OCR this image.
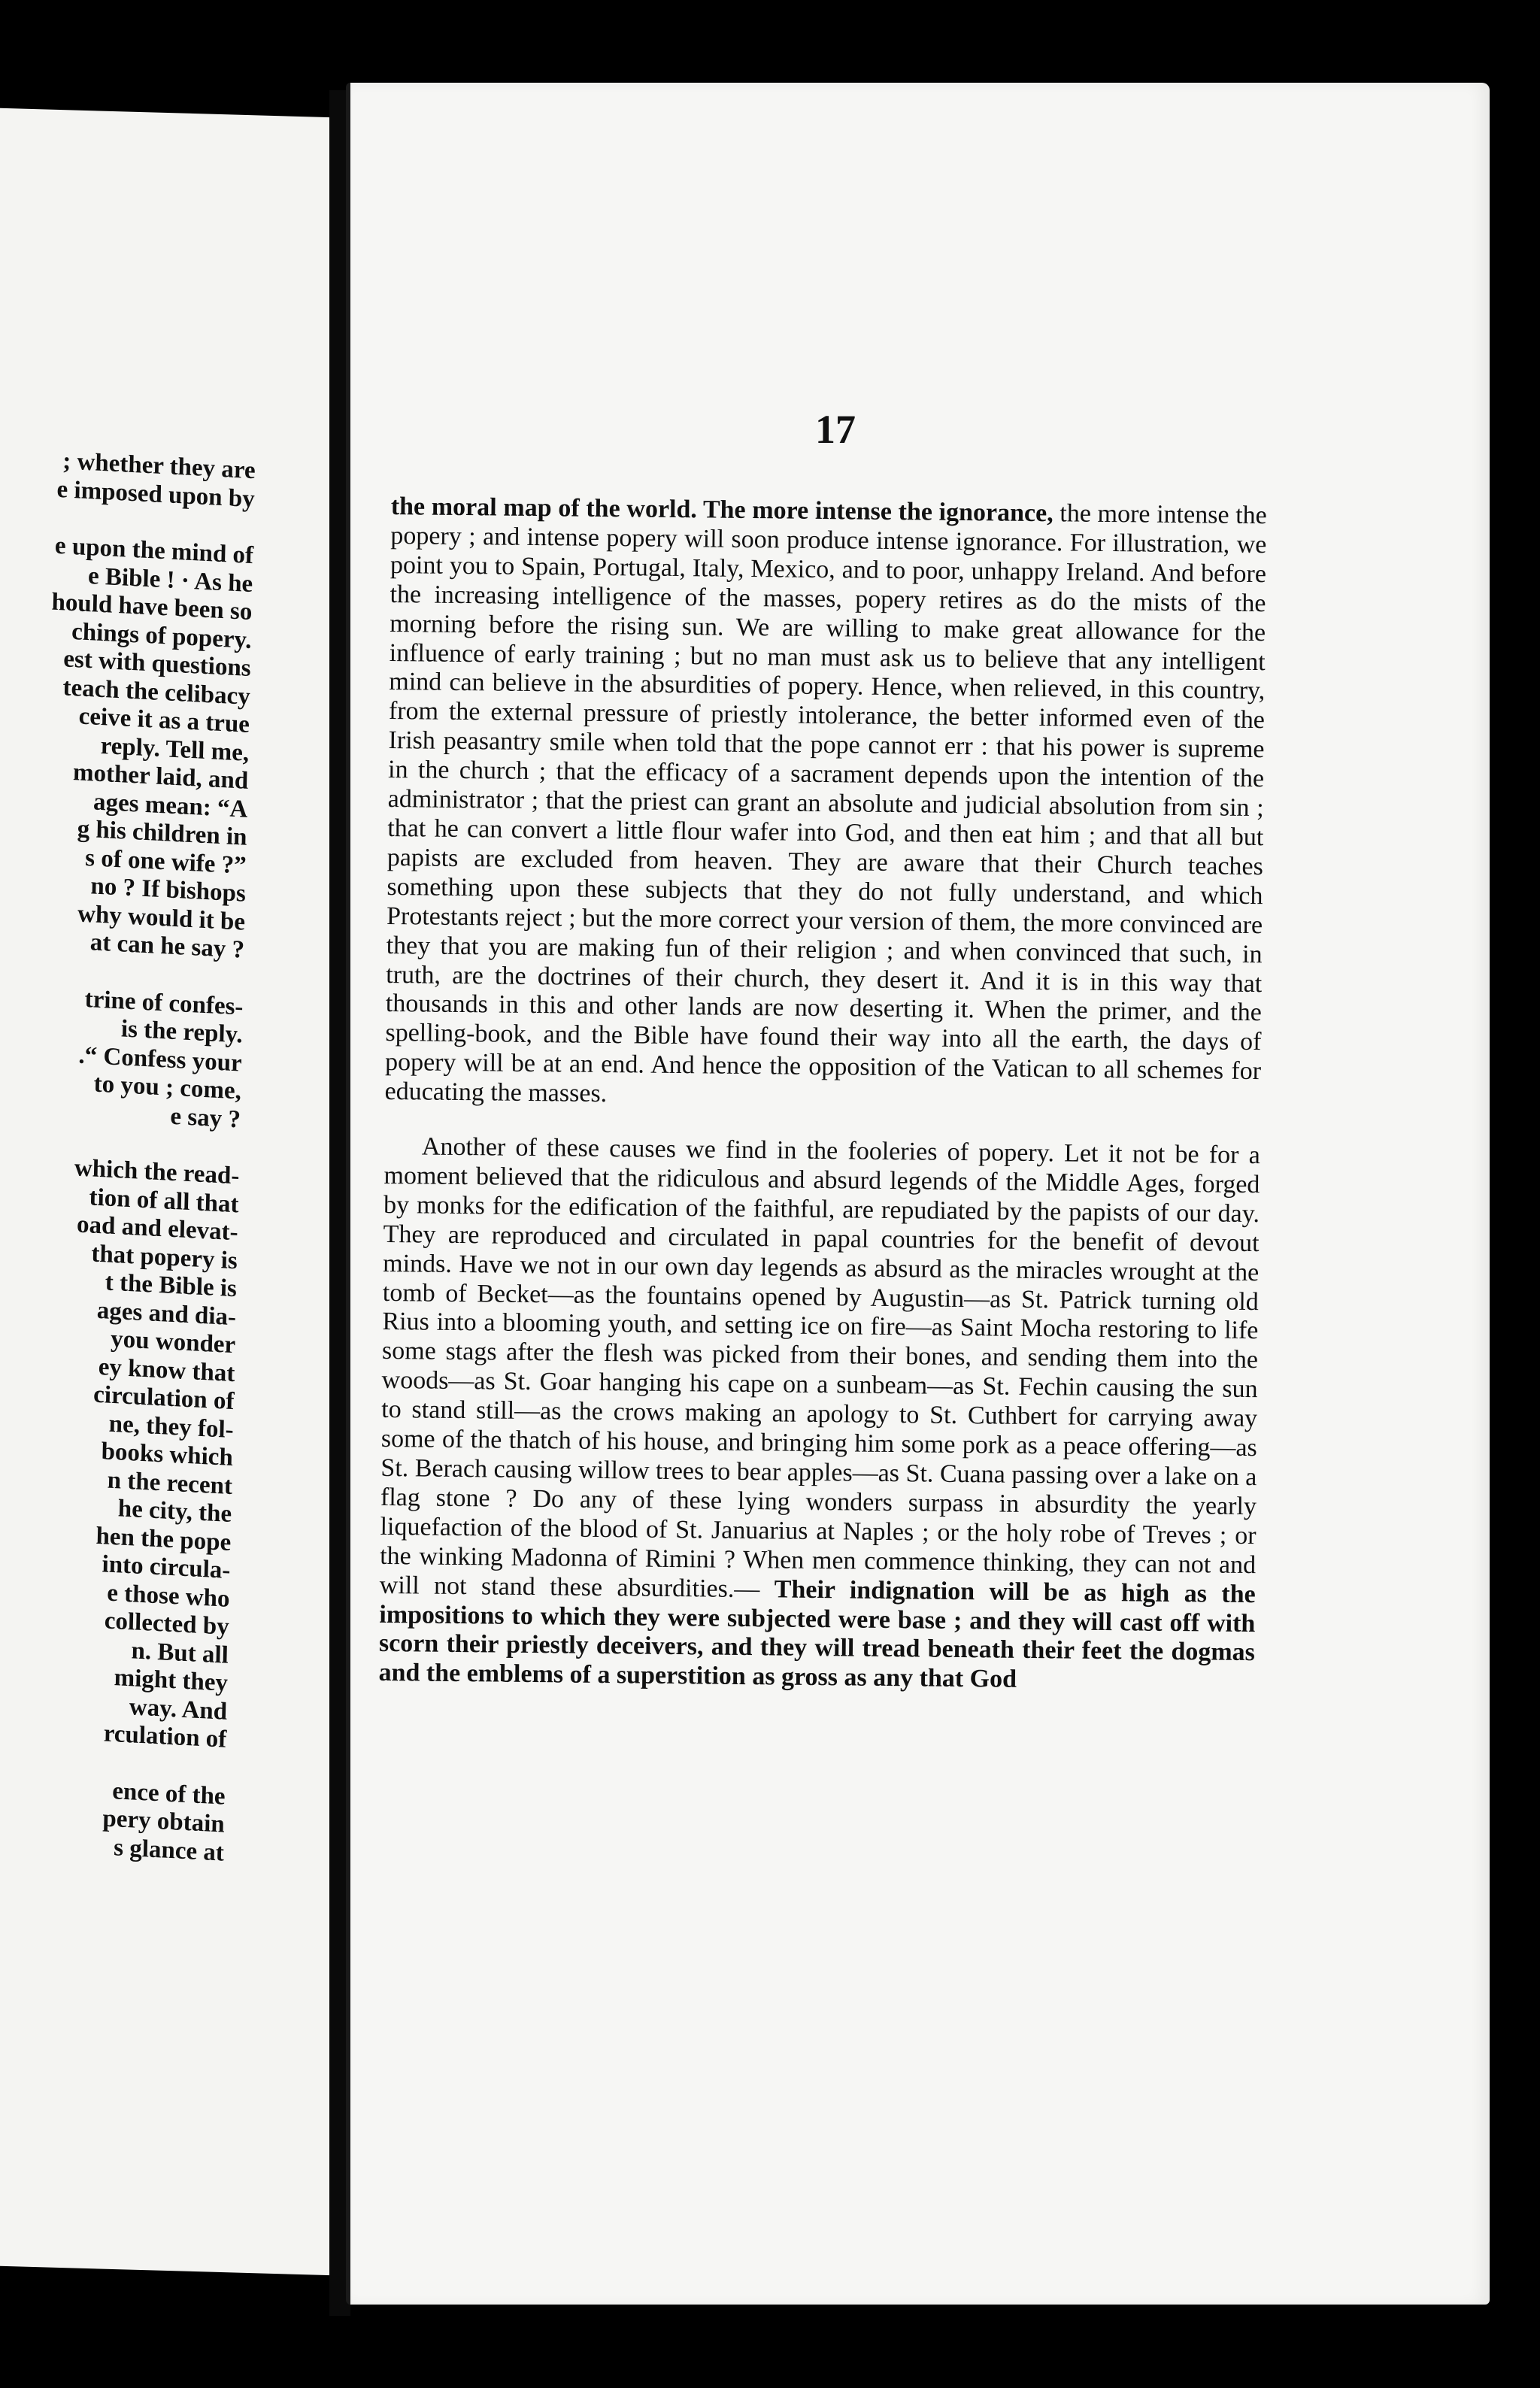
; whether they are
e imposed upon by
e upon the mind of
e Bible ! · As he
hould have been so
chings of popery.
est with questions
teach the celibacy
ceive it as a true
reply. Tell me,
mother laid, and
ages mean: “A
g his children in
s of one wife ?”
no ? If bishops
why would it be
at can he say ?
trine of confes-
is the reply.
.“ Confess your
to you ; come,
e say ?
which the read-
tion of all that
oad and elevat-
that popery is
t the Bible is
ages and dia-
you wonder
ey know that
circulation of
ne, they fol-
books which
n the recent
he city, the
hen the pope
into circula-
e those who
collected by
n. But all
might they
way. And
rculation of
ence of the
pery obtain
s glance at
17

the moral map of the world. The more intense the ignorance, the more intense the popery ; and intense popery will soon produce intense ignorance. For illustration, we point you to Spain, Portugal, Italy, Mexico, and to poor, unhappy Ireland. And before the increasing intelligence of the masses, popery retires as do the mists of the morning before the rising sun. We are willing to make great allowance for the influence of early training ; but no man must ask us to believe that any intelligent mind can believe in the absurdities of popery. Hence, when relieved, in this country, from the external pressure of priestly intolerance, the better informed even of the Irish peasantry smile when told that the pope cannot err : that his power is supreme in the church ; that the efficacy of a sacrament depends upon the intention of the administrator ; that the priest can grant an absolute and judicial absolution from sin ; that he can convert a little flour wafer into God, and then eat him ; and that all but papists are excluded from heaven. They are aware that their Church teaches something upon these subjects that they do not fully understand, and which Protestants reject ; but the more correct your version of them, the more convinced are they that you are making fun of their religion ; and when convinced that such, in truth, are the doctrines of their church, they desert it. And it is in this way that thousands in this and other lands are now deserting it. When the primer, and the spelling-book, and the Bible have found their way into all the earth, the days of popery will be at an end. And hence the opposition of the Vatican to all schemes for educating the masses.

Another of these causes we find in the fooleries of popery. Let it not be for a moment believed that the ridiculous and absurd legends of the Middle Ages, forged by monks for the edification of the faithful, are repudiated by the papists of our day. They are reproduced and circulated in papal countries for the benefit of devout minds. Have we not in our own day legends as absurd as the miracles wrought at the tomb of Becket—as the fountains opened by Augustin—as St. Patrick turning old Rius into a blooming youth, and setting ice on fire—as Saint Mocha restoring to life some stags after the flesh was picked from their bones, and sending them into the woods—as St. Goar hanging his cape on a sunbeam—as St. Fechin causing the sun to stand still—as the crows making an apology to St. Cuthbert for carrying away some of the thatch of his house, and bringing him some pork as a peace offering—as St. Berach causing willow trees to bear apples—as St. Cuana passing over a lake on a flag stone ? Do any of these lying wonders surpass in absurdity the yearly liquefaction of the blood of St. Januarius at Naples ; or the holy robe of Treves ; or the winking Madonna of Rimini ? When men commence thinking, they can not and will not stand these absurdities.— Their indignation will be as high as the impositions to which they were subjected were base ; and they will cast off with scorn their priestly deceivers, and they will tread beneath their feet the dogmas and the emblems of a superstition as gross as any that God
